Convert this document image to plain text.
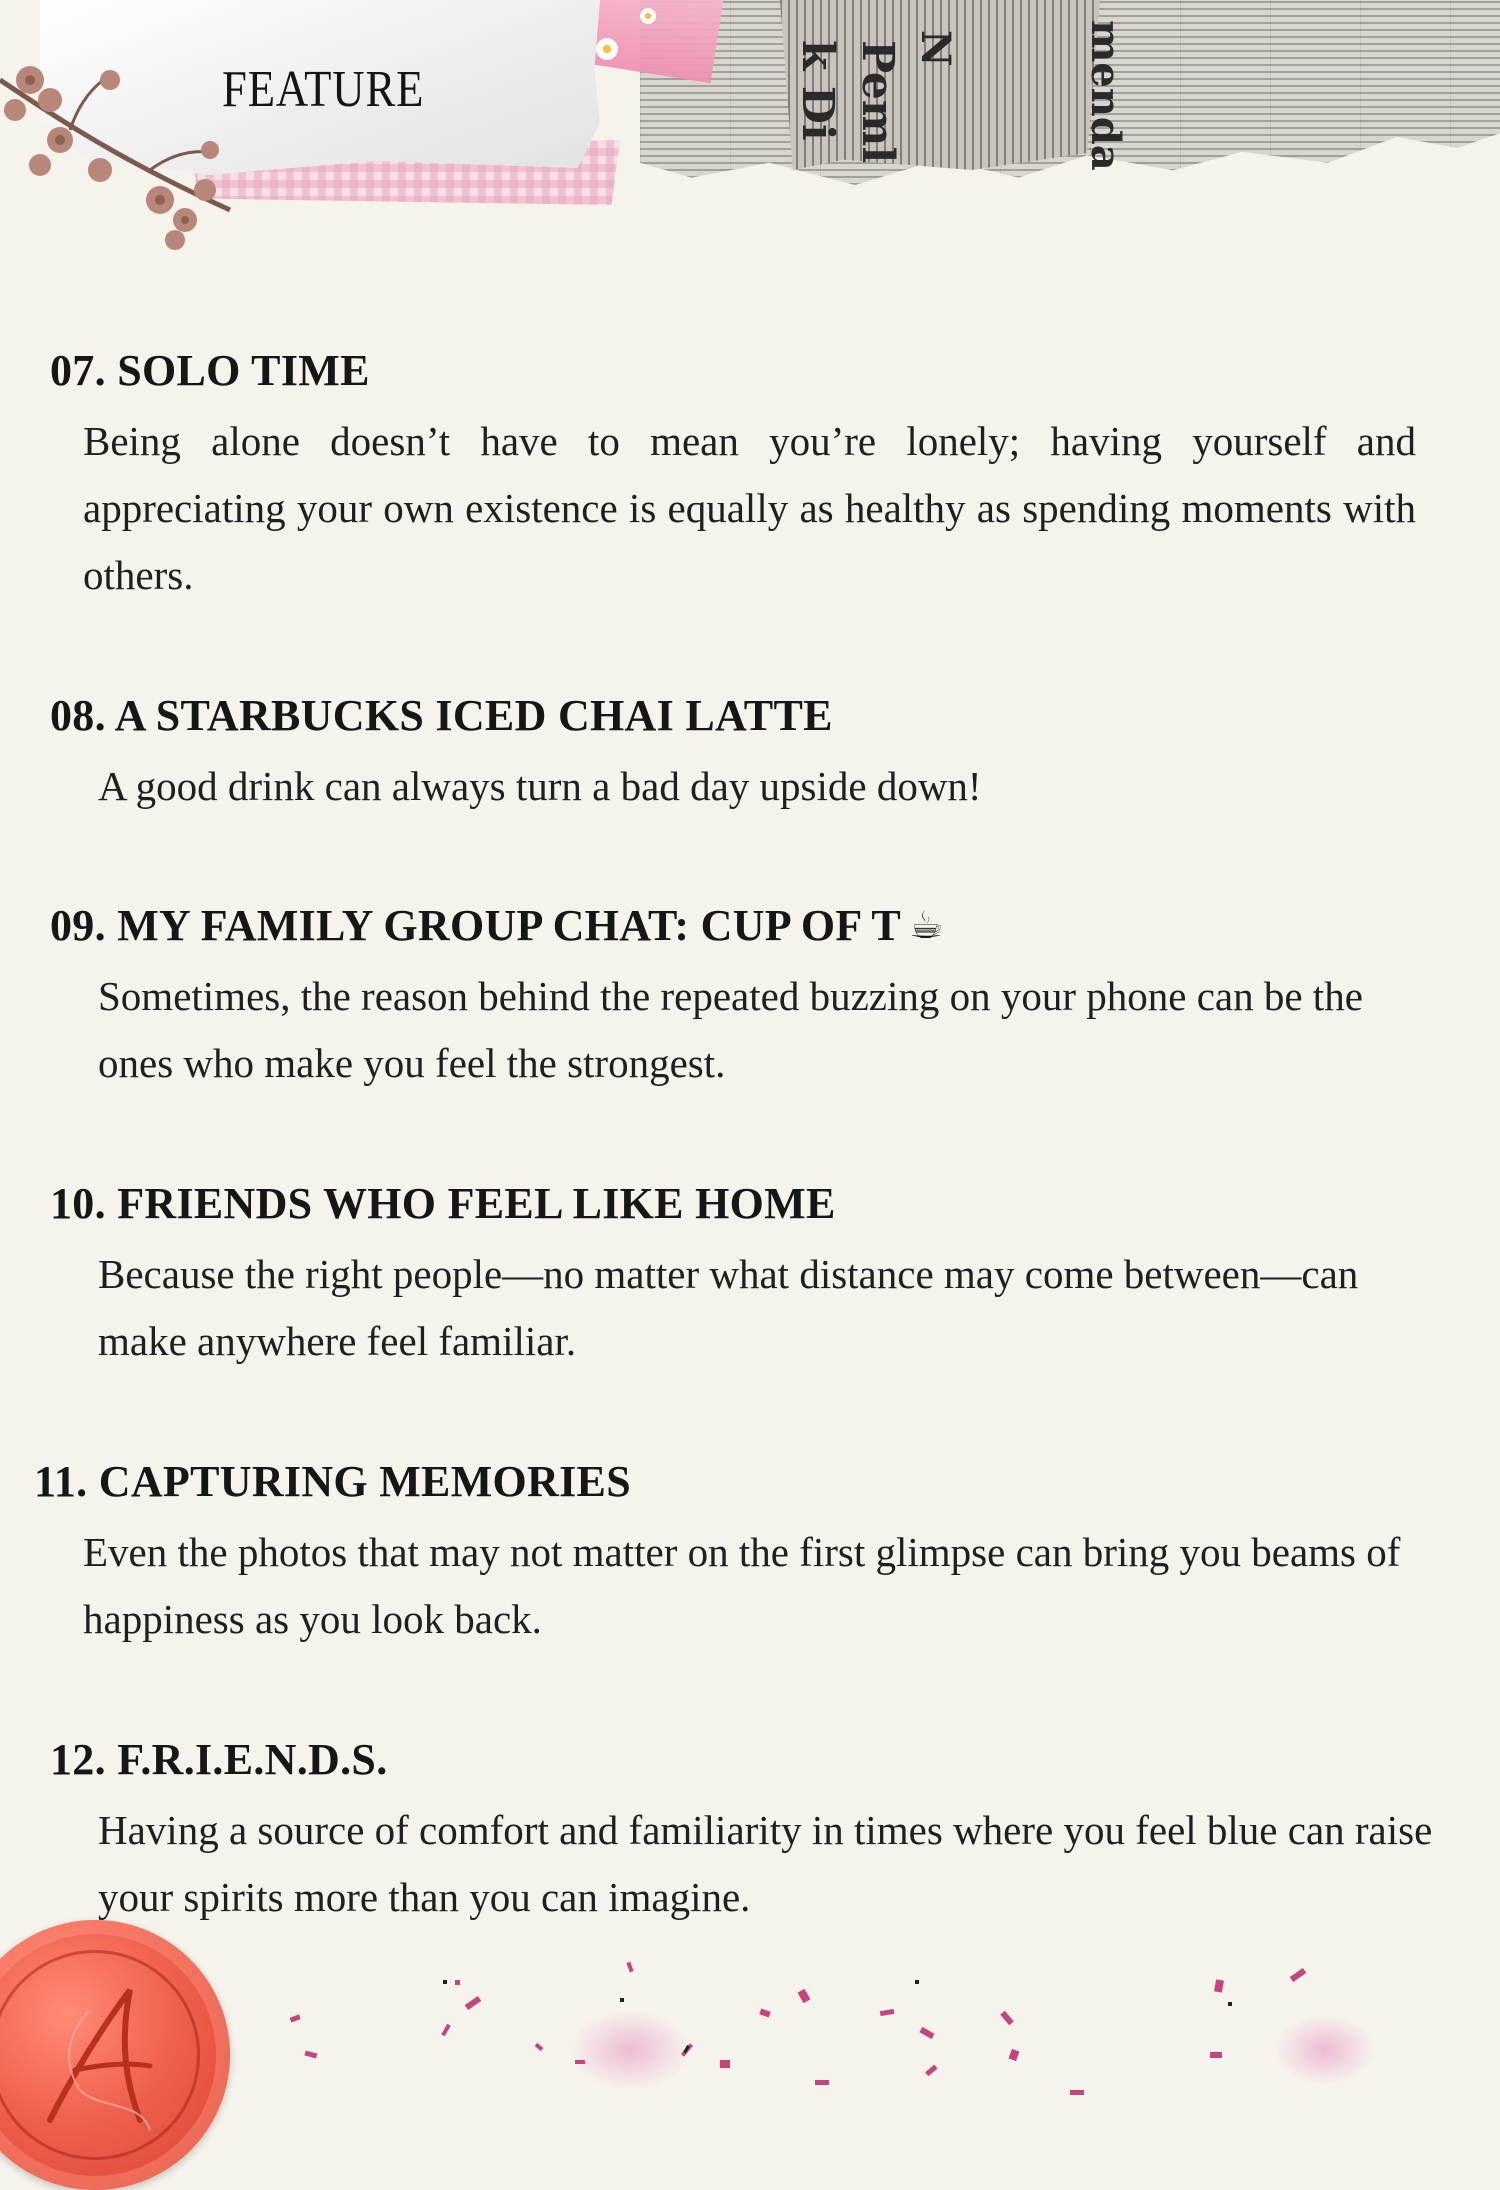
k Di Peml N	menda
FEATURE
07. SOLO TIME
Being alone doesn’t have to mean you’re lonely; having yourself and appreciating your own existence is equally as healthy as spending moments with others.
08. A STARBUCKS ICED CHAI LATTE
A good drink can always turn a bad day upside down!
09. MY FAMILY GROUP CHAT: CUP OF T ☕
Sometimes, the reason behind the repeated buzzing on your phone can be the ones who make you feel the strongest.
10. FRIENDS WHO FEEL LIKE HOME
Because the right people—no matter what distance may come between—can make anywhere feel familiar.
11. CAPTURING MEMORIES
Even the photos that may not matter on the first glimpse can bring you beams of happiness as you look back.
12. F.R.I.E.N.D.S.
Having a source of comfort and familiarity in times where you feel blue can raise your spirits more than you can imagine.
